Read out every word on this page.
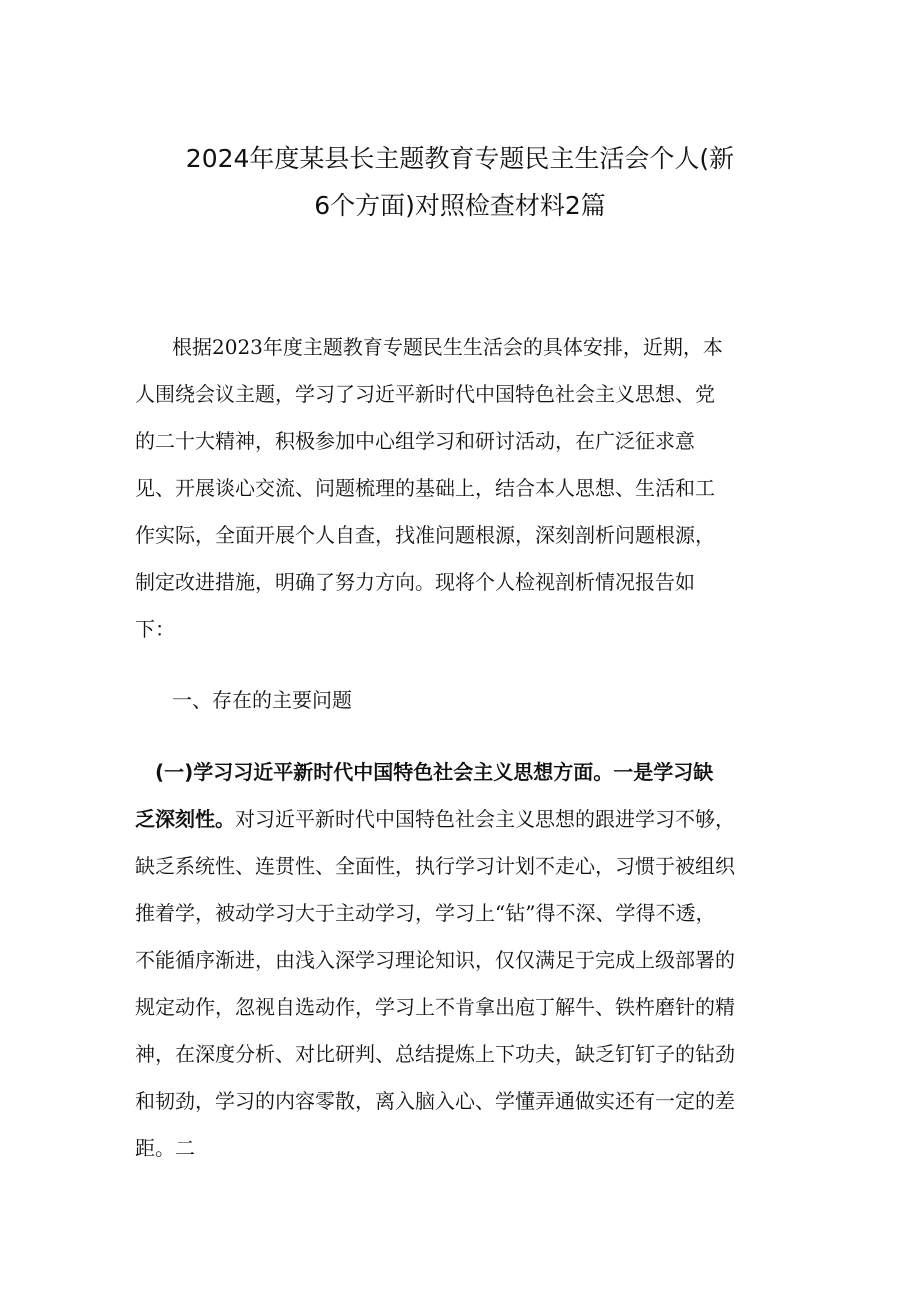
2024年度某县长主题教育专题民主生活会个人(新
6个方面)对照检查材料2篇
根据2023年度主题教育专题民生生活会的具体安排，近期，本
人围绕会议主题，学习了习近平新时代中国特色社会主义思想、党
的二十大精神，积极参加中心组学习和研讨活动，在广泛征求意
见、开展谈心交流、问题梳理的基础上，结合本人思想、生活和工
作实际，全面开展个人自查，找准问题根源，深刻剖析问题根源，
制定改进措施，明确了努力方向。现将个人检视剖析情况报告如
下：
一、存在的主要问题
(一)学习习近平新时代中国特色社会主义思想方面。一是学习缺
乏深刻性。对习近平新时代中国特色社会主义思想的跟进学习不够，
缺乏系统性、连贯性、全面性，执行学习计划不走心，习惯于被组织
推着学，被动学习大于主动学习，学习上“钻”得不深、学得不透，
不能循序渐进，由浅入深学习理论知识，仅仅满足于完成上级部署的
规定动作，忽视自选动作，学习上不肯拿出庖丁解牛、铁杵磨针的精
神，在深度分析、对比研判、总结提炼上下功夫，缺乏钉钉子的钻劲
和韧劲，学习的内容零散，离入脑入心、学懂弄通做实还有一定的差
距。二
